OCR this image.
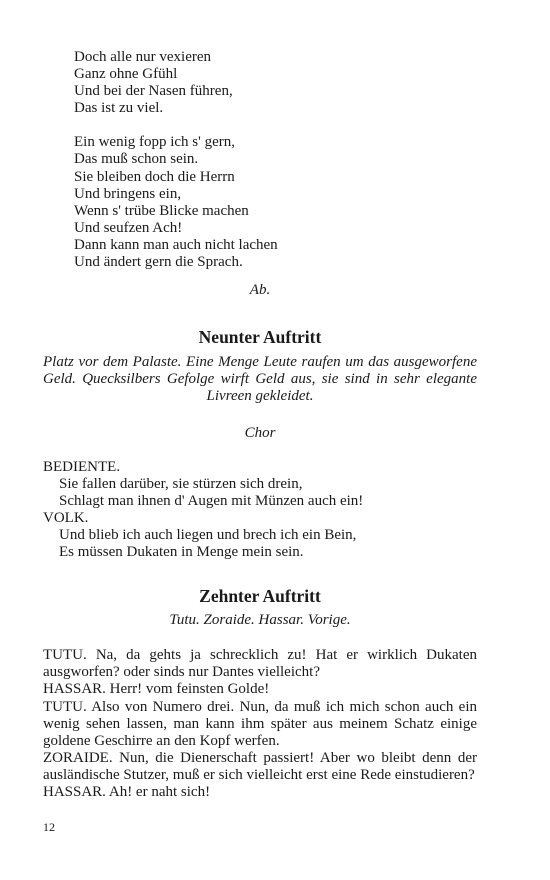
Doch alle nur vexieren
Ganz ohne Gfühl
Und bei der Nasen führen,
Das ist zu viel.
Ein wenig fopp ich s' gern,
Das muß schon sein.
Sie bleiben doch die Herrn
Und bringens ein,
Wenn s' trübe Blicke machen
Und seufzen Ach!
Dann kann man auch nicht lachen
Und ändert gern die Sprach.
Ab.
Neunter Auftritt
Platz vor dem Palaste. Eine Menge Leute raufen um das ausgeworfene Geld. Quecksilbers Gefolge wirft Geld aus, sie sind in sehr elegante Livreen gekleidet.
Chor
BEDIENTE.
Sie fallen darüber, sie stürzen sich drein,
Schlagt man ihnen d' Augen mit Münzen auch ein!
VOLK.
Und blieb ich auch liegen und brech ich ein Bein,
Es müssen Dukaten in Menge mein sein.
Zehnter Auftritt
Tutu. Zoraide. Hassar. Vorige.

TUTU. Na, da gehts ja schrecklich zu! Hat er wirklich Dukaten ausgworfen? oder sinds nur Dantes vielleicht?

HASSAR. Herr! vom feinsten Golde!

TUTU. Also von Numero drei. Nun, da muß ich mich schon auch ein wenig sehen lassen, man kann ihm später aus meinem Schatz einige goldene Geschirre an den Kopf werfen.

ZORAIDE. Nun, die Dienerschaft passiert! Aber wo bleibt denn der ausländische Stutzer, muß er sich vielleicht erst eine Rede einstudieren?

HASSAR. Ah! er naht sich!

12
